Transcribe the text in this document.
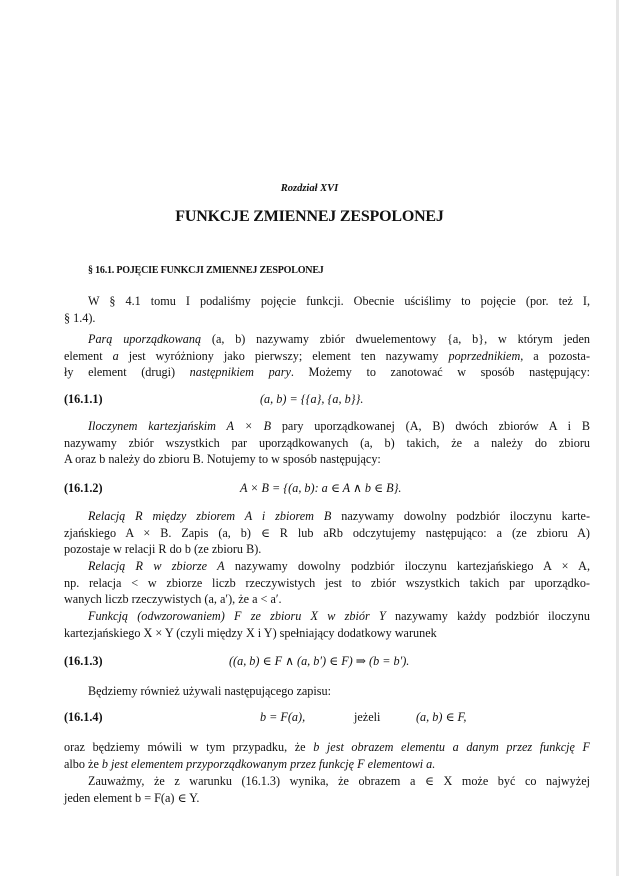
Rozdział XVI
FUNKCJE ZMIENNEJ ZESPOLONEJ
§ 16.1. POJĘCIE FUNKCJI ZMIENNEJ ZESPOLONEJ
W § 4.1 tomu I podaliśmy pojęcie funkcji. Obecnie uściślimy to pojęcie (por. też I,
§ 1.4).
Parą uporządkowaną (a, b) nazywamy zbiór dwuelementowy {a, b}, w którym jeden
element a jest wyróżniony jako pierwszy; element ten nazywamy poprzednikiem, a pozosta-
ły element (drugi) następnikiem pary. Możemy to zanotować w sposób następujący:
(16.1.1)	(a, b) = {{a}, {a, b}}.
Iloczynem kartezjańskim A × B pary uporządkowanej (A, B) dwóch zbiorów A i B
nazywamy zbiór wszystkich par uporządkowanych (a, b) takich, że a należy do zbioru
A oraz b należy do zbioru B. Notujemy to w sposób następujący:
(16.1.2)	A × B = {(a, b): a ∈ A ∧ b ∈ B}.
Relacją R między zbiorem A i zbiorem B nazywamy dowolny podzbiór iloczynu karte-
zjańskiego A × B. Zapis (a, b) ∈ R lub aRb odczytujemy następująco: a (ze zbioru A)
pozostaje w relacji R do b (ze zbioru B).
Relacją R w zbiorze A nazywamy dowolny podzbiór iloczynu kartezjańskiego A × A,
np. relacja < w zbiorze liczb rzeczywistych jest to zbiór wszystkich takich par uporządko-
wanych liczb rzeczywistych (a, a′), że a < a′.
Funkcją (odwzorowaniem) F ze zbioru X w zbiór Y nazywamy każdy podzbiór iloczynu
kartezjańskiego X × Y (czyli między X i Y) spełniający dodatkowy warunek
(16.1.3)	((a, b) ∈ F ∧ (a, b′) ∈ F) ⇒ (b = b′).
Będziemy również używali następującego zapisu:
(16.1.4)	b = F(a),	jeżeli	(a, b) ∈ F,
oraz będziemy mówili w tym przypadku, że b jest obrazem elementu a danym przez funkcję F
albo że b jest elementem przyporządkowanym przez funkcję F elementowi a.
Zauważmy, że z warunku (16.1.3) wynika, że obrazem a ∈ X może być co najwyżej
jeden element b = F(a) ∈ Y.
